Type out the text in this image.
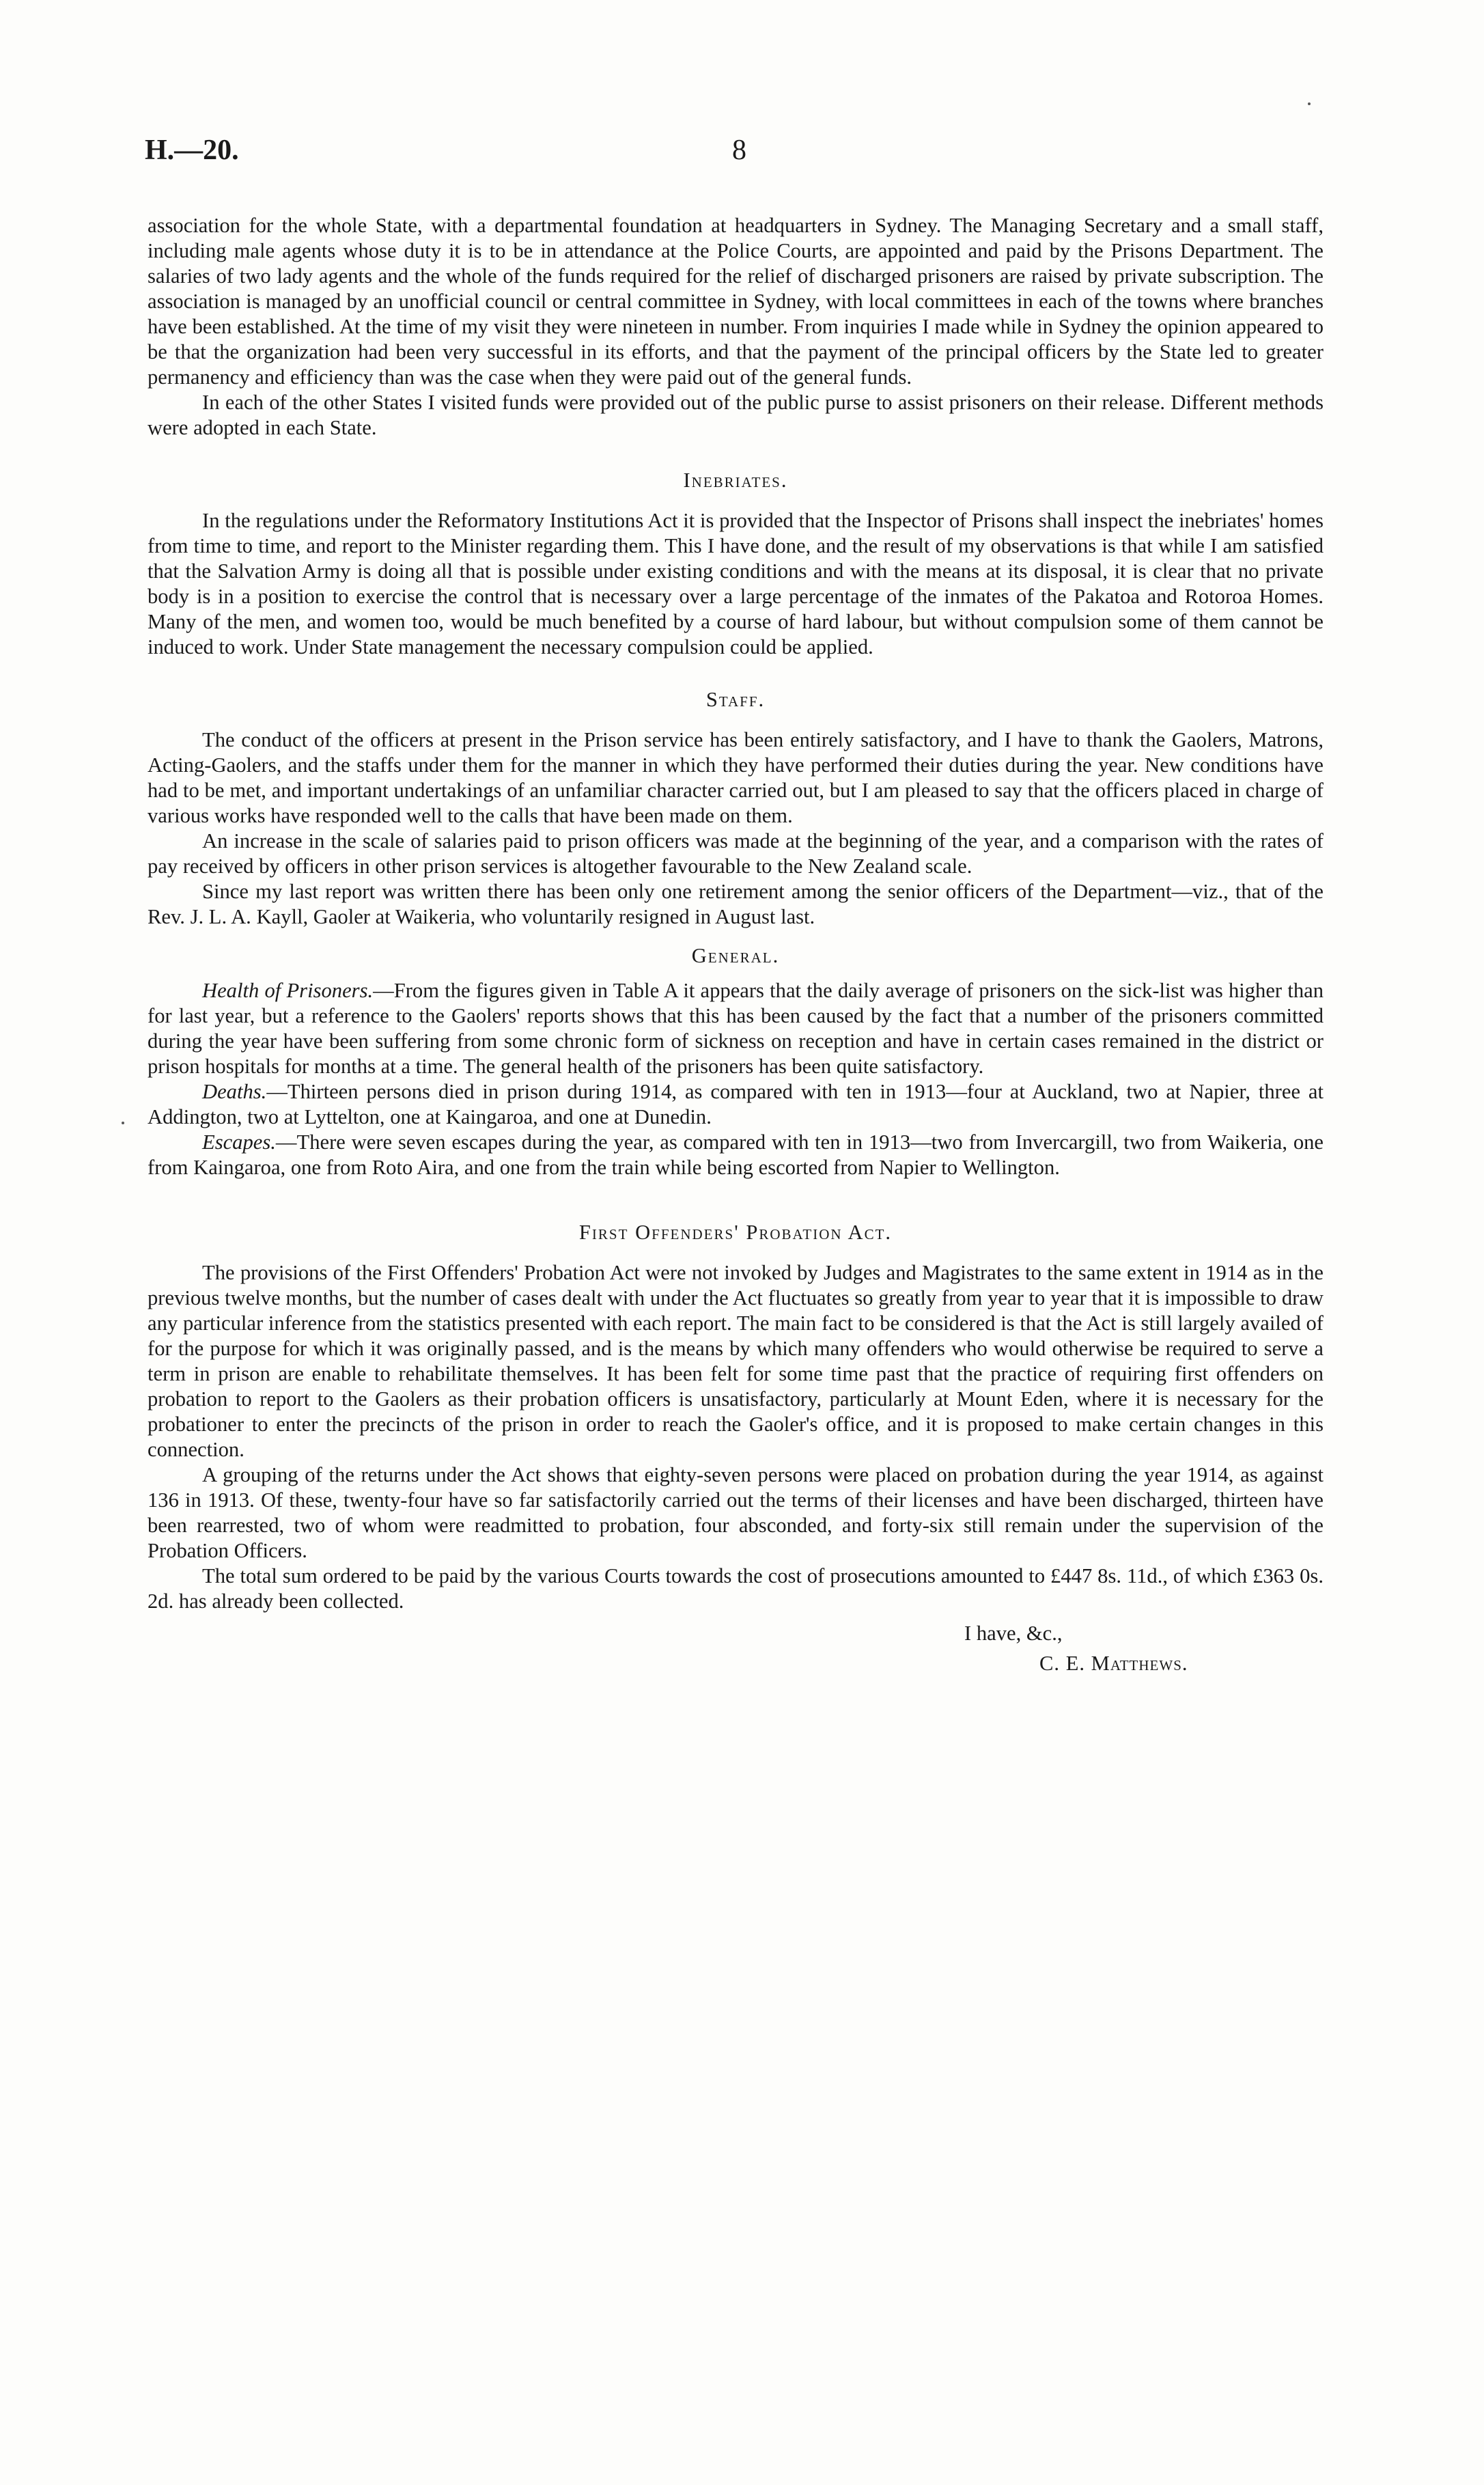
H.—20.	8

association for the whole State, with a departmental foundation at headquarters in Sydney. The Managing Secretary and a small staff, including male agents whose duty it is to be in attendance at the Police Courts, are appointed and paid by the Prisons Department. The salaries of two lady agents and the whole of the funds required for the relief of discharged prisoners are raised by private subscription. The association is managed by an unofficial council or central committee in Sydney, with local committees in each of the towns where branches have been established. At the time of my visit they were nineteen in number. From inquiries I made while in Sydney the opinion appeared to be that the organization had been very successful in its efforts, and that the payment of the principal officers by the State led to greater permanency and efficiency than was the case when they were paid out of the general funds.

In each of the other States I visited funds were provided out of the public purse to assist prisoners on their release. Different methods were adopted in each State.

Inebriates.

In the regulations under the Reformatory Institutions Act it is provided that the Inspector of Prisons shall inspect the inebriates' homes from time to time, and report to the Minister regarding them. This I have done, and the result of my observations is that while I am satisfied that the Salvation Army is doing all that is possible under existing conditions and with the means at its disposal, it is clear that no private body is in a position to exercise the control that is necessary over a large percentage of the inmates of the Pakatoa and Rotoroa Homes. Many of the men, and women too, would be much benefited by a course of hard labour, but without compulsion some of them cannot be induced to work. Under State management the necessary compulsion could be applied.

Staff.

The conduct of the officers at present in the Prison service has been entirely satisfactory, and I have to thank the Gaolers, Matrons, Acting-Gaolers, and the staffs under them for the manner in which they have performed their duties during the year. New conditions have had to be met, and important undertakings of an unfamiliar character carried out, but I am pleased to say that the officers placed in charge of various works have responded well to the calls that have been made on them.

An increase in the scale of salaries paid to prison officers was made at the beginning of the year, and a comparison with the rates of pay received by officers in other prison services is altogether favourable to the New Zealand scale.

Since my last report was written there has been only one retirement among the senior officers of the Department—viz., that of the Rev. J. L. A. Kayll, Gaoler at Waikeria, who voluntarily resigned in August last.

General.

Health of Prisoners.—From the figures given in Table A it appears that the daily average of prisoners on the sick-list was higher than for last year, but a reference to the Gaolers' reports shows that this has been caused by the fact that a number of the prisoners committed during the year have been suffering from some chronic form of sickness on reception and have in certain cases remained in the district or prison hospitals for months at a time. The general health of the prisoners has been quite satisfactory.

Deaths.—Thirteen persons died in prison during 1914, as compared with ten in 1913—four at Auckland, two at Napier, three at Addington, two at Lyttelton, one at Kaingaroa, and one at Dunedin.

Escapes.—There were seven escapes during the year, as compared with ten in 1913—two from Invercargill, two from Waikeria, one from Kaingaroa, one from Roto Aira, and one from the train while being escorted from Napier to Wellington.

First Offenders' Probation Act.

The provisions of the First Offenders' Probation Act were not invoked by Judges and Magistrates to the same extent in 1914 as in the previous twelve months, but the number of cases dealt with under the Act fluctuates so greatly from year to year that it is impossible to draw any particular inference from the statistics presented with each report. The main fact to be considered is that the Act is still largely availed of for the purpose for which it was originally passed, and is the means by which many offenders who would otherwise be required to serve a term in prison are enable to rehabilitate themselves. It has been felt for some time past that the practice of requiring first offenders on probation to report to the Gaolers as their probation officers is unsatisfactory, particularly at Mount Eden, where it is necessary for the probationer to enter the precincts of the prison in order to reach the Gaoler's office, and it is proposed to make certain changes in this connection.

A grouping of the returns under the Act shows that eighty-seven persons were placed on probation during the year 1914, as against 136 in 1913. Of these, twenty-four have so far satisfactorily carried out the terms of their licenses and have been discharged, thirteen have been rearrested, two of whom were readmitted to probation, four absconded, and forty-six still remain under the supervision of the Probation Officers.

The total sum ordered to be paid by the various Courts towards the cost of prosecutions amounted to £447 8s. 11d., of which £363 0s. 2d. has already been collected.

I have, &c.,
C. E. Matthews.
